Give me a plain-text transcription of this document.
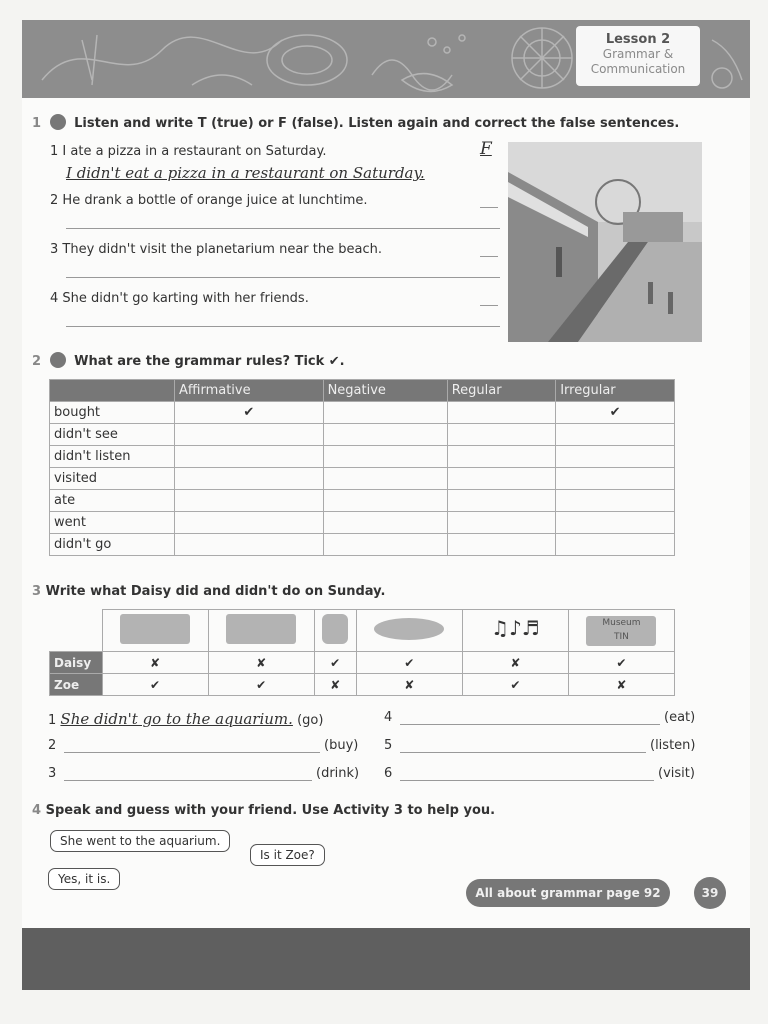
Lesson 2
Grammar &
Communication
1	Listen and write T (true) or F (false). Listen again and correct the false sentences.
1 I ate a pizza in a restaurant on Saturday.	F
I didn't eat a pizza in a restaurant on Saturday.
2 He drank a bottle of orange juice at lunchtime.
3 They didn't visit the planetarium near the beach.
4 She didn't go karting with her friends.
2	What are the grammar rules? Tick ✔.
	Affirmative	Negative	Regular	Irregular
bought	✔			✔
didn't see				
didn't listen				
visited				
ate				
went				
didn't go				
3 Write what Daisy did and didn't do on Sunday.
					♫♪♬	Museum
TIN
Daisy	✘	✘	✔	✔	✘	✔
Zoe	✔	✔	✘	✘	✔	✘
1 She didn't go to the aquarium. (go)
2	(buy)
3	(drink)
4	(eat)
5	(listen)
6	(visit)
4 Speak and guess with your friend. Use Activity 3 to help you.
She went to the aquarium.
Is it Zoe?
Yes, it is.
All about grammar page 92	39
